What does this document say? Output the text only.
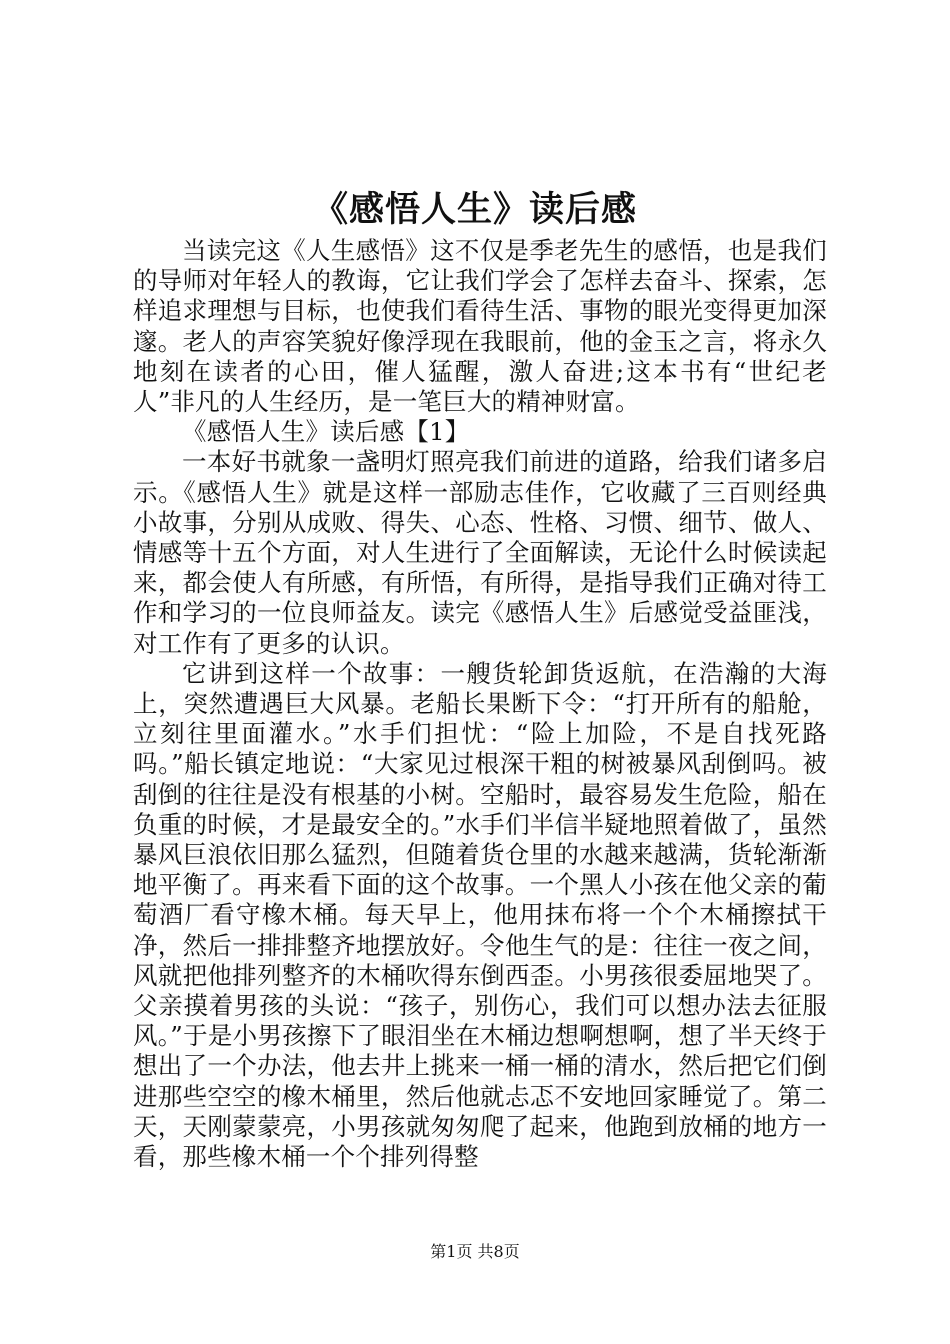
《感悟人生》读后感

当读完这《人生感悟》这不仅是季老先生的感悟，也是我们的导师对年轻人的教诲，它让我们学会了怎样去奋斗、探索，怎样追求理想与目标，也使我们看待生活、事物的眼光变得更加深邃。老人的声容笑貌好像浮现在我眼前，他的金玉之言，将永久地刻在读者的心田，催人猛醒，激人奋进;这本书有“世纪老人”非凡的人生经历，是一笔巨大的精神财富。

《感悟人生》读后感【1】

一本好书就象一盏明灯照亮我们前进的道路，给我们诸多启示。《感悟人生》就是这样一部励志佳作，它收藏了三百则经典小故事，分别从成败、得失、心态、性格、习惯、细节、做人、情感等十五个方面，对人生进行了全面解读，无论什么时候读起来，都会使人有所感，有所悟，有所得，是指导我们正确对待工作和学习的一位良师益友。读完《感悟人生》后感觉受益匪浅，对工作有了更多的认识。

它讲到这样一个故事：一艘货轮卸货返航，在浩瀚的大海上，突然遭遇巨大风暴。老船长果断下令：“打开所有的船舱，立刻往里面灌水。”水手们担忧：“险上加险，不是自找死路吗。”船长镇定地说：“大家见过根深干粗的树被暴风刮倒吗。被刮倒的往往是没有根基的小树。空船时，最容易发生危险，船在负重的时候，才是最安全的。”水手们半信半疑地照着做了，虽然暴风巨浪依旧那么猛烈，但随着货仓里的水越来越满，货轮渐渐地平衡了。再来看下面的这个故事。一个黑人小孩在他父亲的葡萄酒厂看守橡木桶。每天早上，他用抹布将一个个木桶擦拭干净，然后一排排整齐地摆放好。令他生气的是：往往一夜之间，风就把他排列整齐的木桶吹得东倒西歪。小男孩很委屈地哭了。父亲摸着男孩的头说：“孩子，别伤心，我们可以想办法去征服风。”于是小男孩擦下了眼泪坐在木桶边想啊想啊，想了半天终于想出了一个办法，他去井上挑来一桶一桶的清水，然后把它们倒进那些空空的橡木桶里，然后他就忐忑不安地回家睡觉了。第二天，天刚蒙蒙亮，小男孩就匆匆爬了起来，他跑到放桶的地方一看，那些橡木桶一个个排列得整

第1页 共8页
